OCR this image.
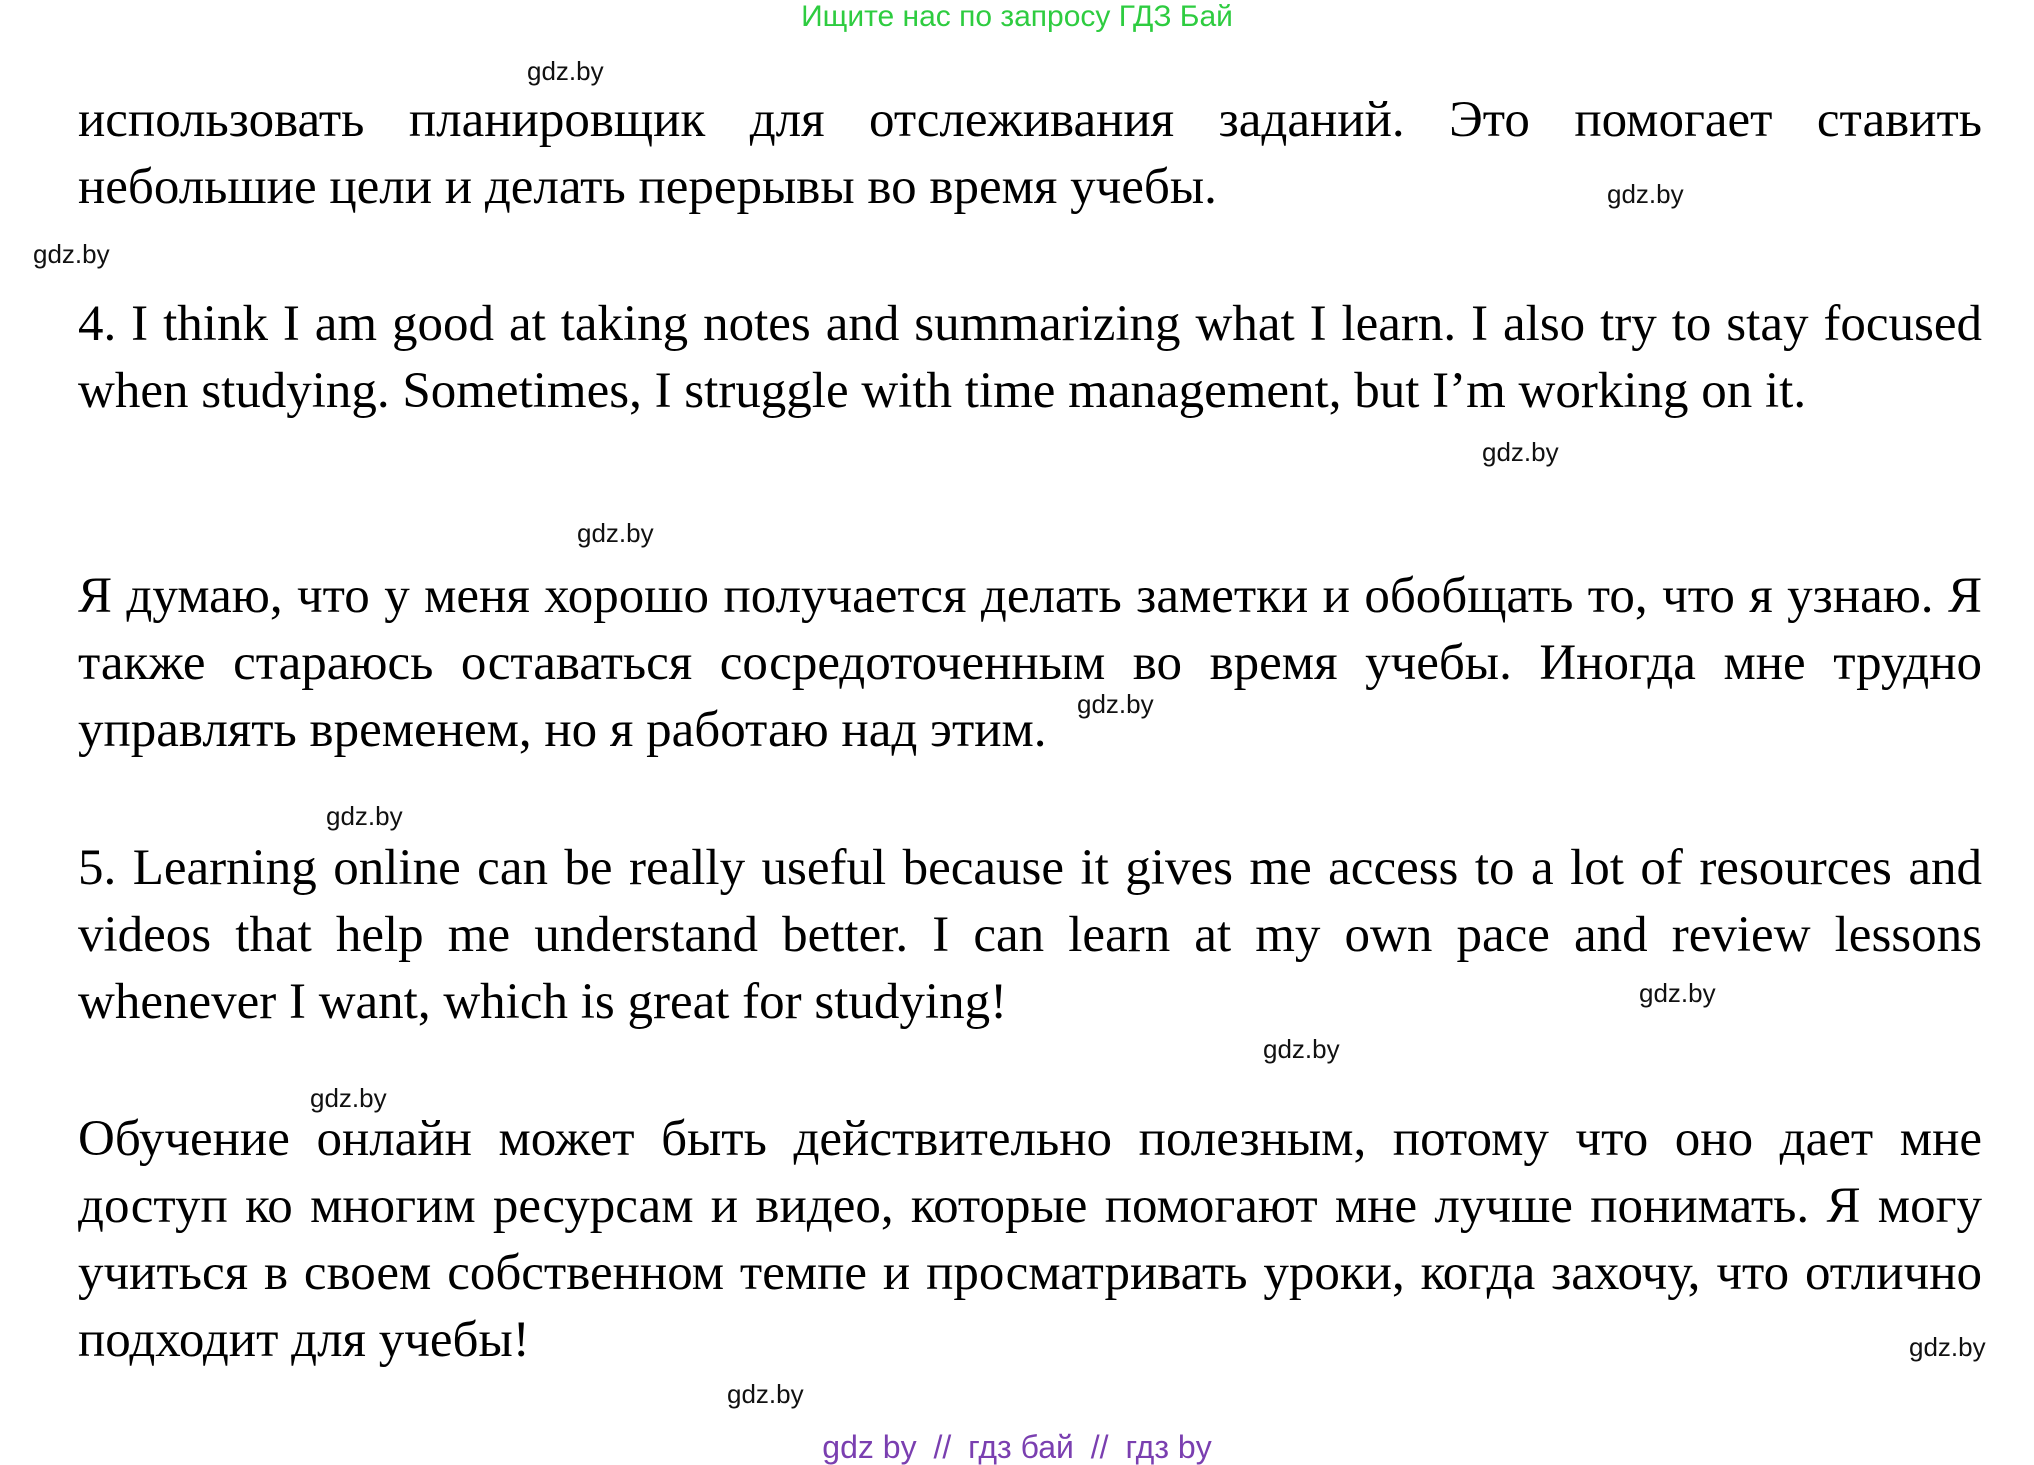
Ищите нас по запросу ГДЗ Бай

использовать планировщик для отслеживания заданий. Это помогает ставить небольшие цели и делать перерывы во время учебы.

4. I think I am good at taking notes and summarizing what I learn. I also try to stay focused when studying. Sometimes, I struggle with time management, but I’m working on it.

Я думаю, что у меня хорошо получается делать заметки и обобщать то, что я узнаю. Я также стараюсь оставаться сосредоточенным во время учебы. Иногда мне трудно управлять временем, но я работаю над этим.

5. Learning online can be really useful because it gives me access to a lot of resources and videos that help me understand better. I can learn at my own pace and review lessons whenever I want, which is great for studying!

Обучение онлайн может быть действительно полезным, потому что оно дает мне доступ ко многим ресурсам и видео, которые помогают мне лучше понимать. Я могу учиться в своем собственном темпе и просматривать уроки, когда захочу, что отлично подходит для учебы!

gdz.by
gdz.by
gdz.by
gdz.by
gdz.by
gdz.by
gdz.by
gdz.by
gdz.by
gdz.by
gdz.by
gdz.by
gdz by // гдз бай // гдз by
